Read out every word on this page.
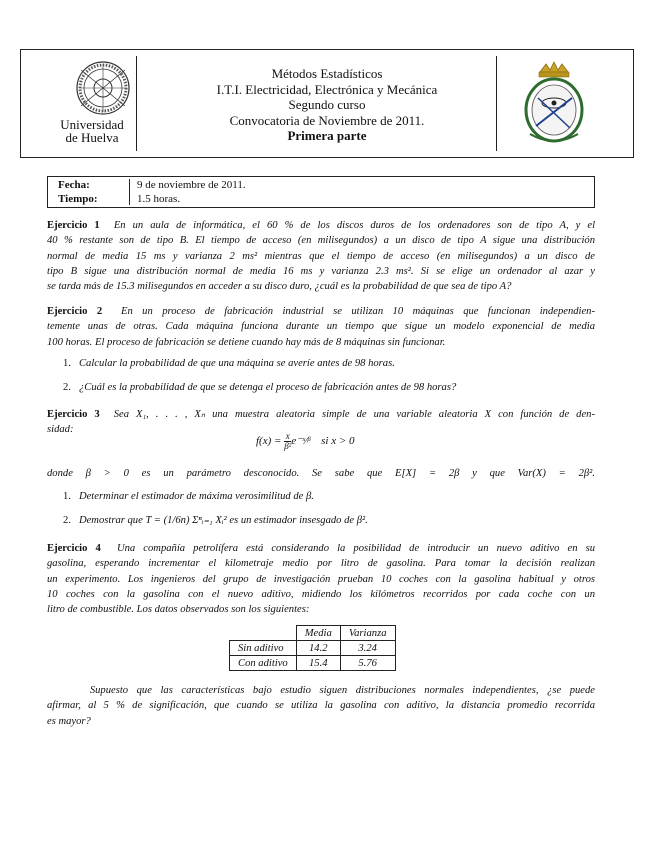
Universidad
de Huelva
Métodos Estadísticos
I.T.I. Electricidad, Electrónica y Mecánica
Segundo curso
Convocatoria de Noviembre de 2011.
Primera parte
Fecha:	9 de noviembre de 2011.
Tiempo:	1.5 horas.
Ejercicio 1 En un aula de informática, el 60 % de los discos duros de los ordenadores son de tipo A, y el
40 % restante son de tipo B. El tiempo de acceso (en milisegundos) a un disco de tipo A sigue una distribución
normal de media 15 ms y varianza 2 ms² mientras que el tiempo de acceso (en milisegundos) a un disco de
tipo B sigue una distribución normal de media 16 ms y varianza 2.3 ms². Si se elige un ordenador al azar y
se tarda más de 15.3 milisegundos en acceder a su disco duro, ¿cuál es la probabilidad de que sea de tipo A?
Ejercicio 2 En un proceso de fabricación industrial se utilizan 10 máquinas que funcionan independien-
temente unas de otras. Cada máquina funciona durante un tiempo que sigue un modelo exponencial de media
100 horas. El proceso de fabricación se detiene cuando hay más de 8 máquinas sin funcionar.
1. Calcular la probabilidad de que una máquina se averíe antes de 98 horas.
2. ¿Cuál es la probabilidad de que se detenga el proceso de fabricación antes de 98 horas?
Ejercicio 3 Sea X₁, . . . , Xₙ una muestra aleatoria simple de una variable aleatoria X con función de den-
sidad:
$f(x) = \frac{x}{\text{β²}}$ e⁻ˣ⁄ᵝ si x > 0
donde β > 0 es un parámetro desconocido. Se sabe que E[X] = 2β y que Var(X) = 2β².
1. Determinar el estimador de máxima verosimilitud de β.
2. Demostrar que T = (1/6n) Σⁿᵢ₌₁ Xᵢ² es un estimador insesgado de β².
Ejercicio 4 Una compañía petrolífera está considerando la posibilidad de introducir un nuevo aditivo en su
gasolina, esperando incrementar el kilometraje medio por litro de gasolina. Para tomar la decisión realizan
un experimento. Los ingenieros del grupo de investigación prueban 10 coches con la gasolina habitual y otros
10 coches con la gasolina con el nuevo aditivo, midiendo los kilómetros recorridos por cada coche con un
litro de combustible. Los datos observados son los siguientes:
	Media	Varianza
Sin aditivo	14.2	3.24
Con aditivo	15.4	5.76
Supuesto que las características bajo estudio siguen distribuciones normales independientes, ¿se puede
afirmar, al 5 % de significación, que cuando se utiliza la gasolina con aditivo, la distancia promedio recorrida
es mayor?
